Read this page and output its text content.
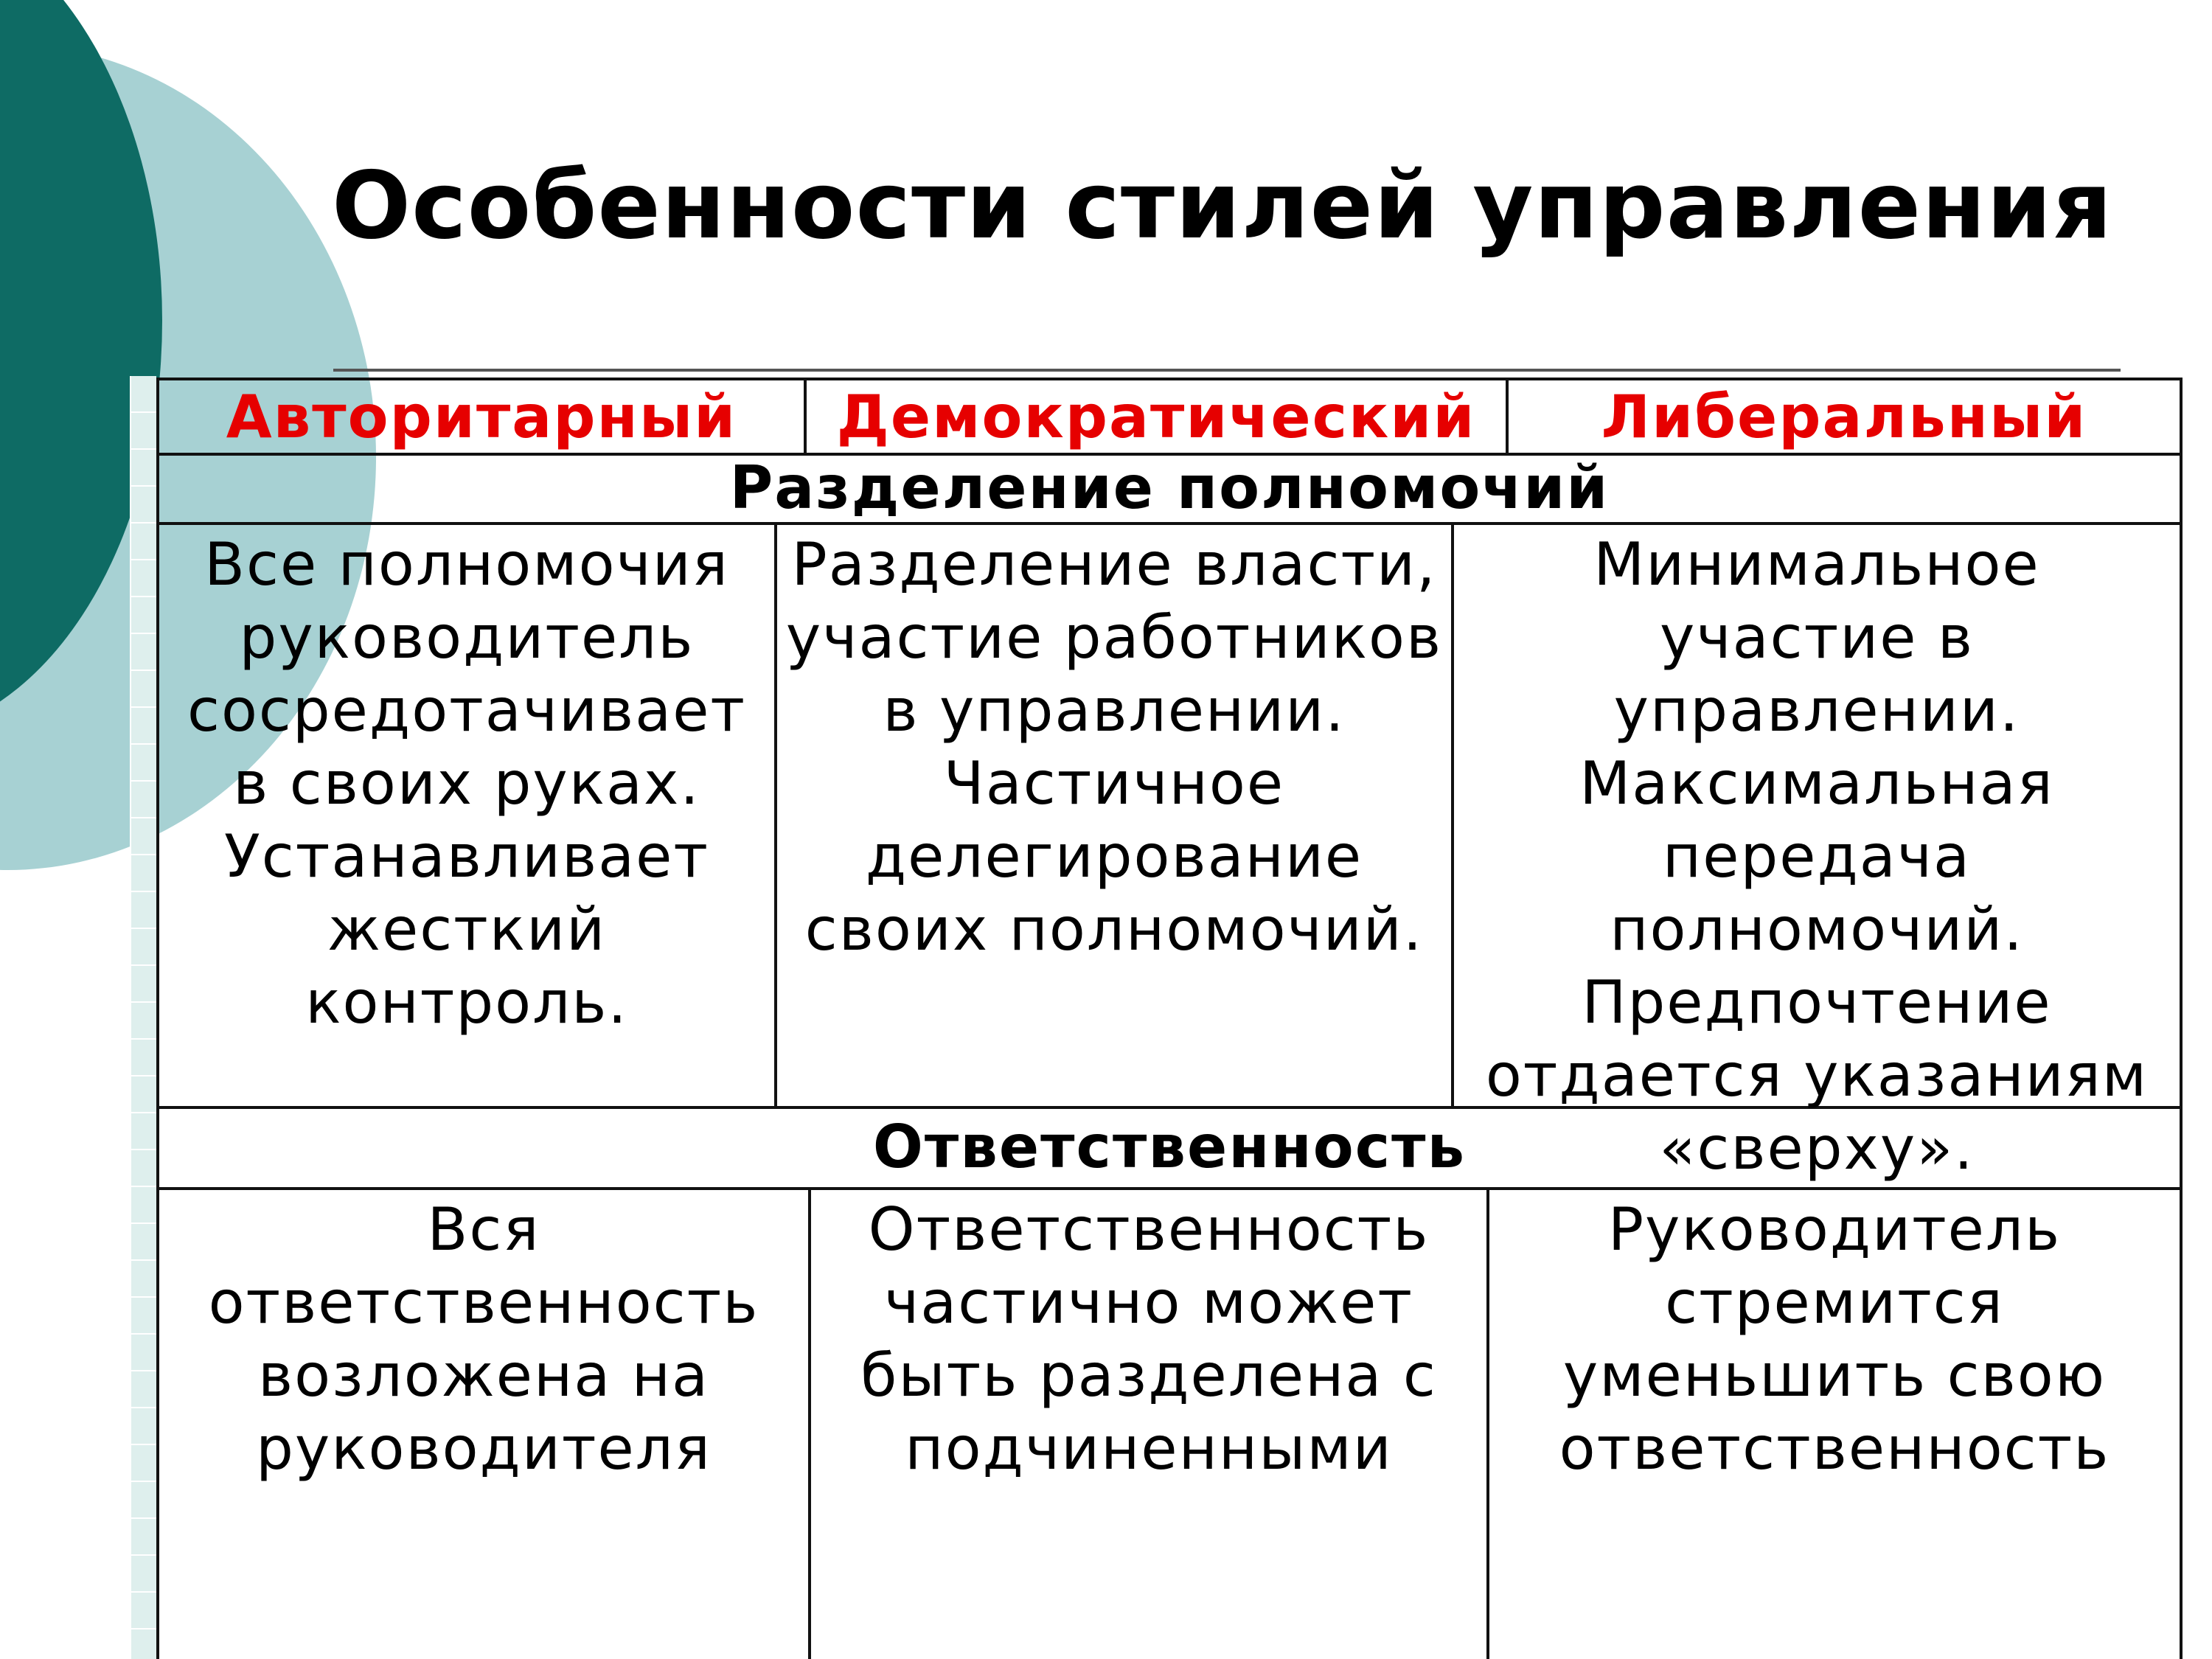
Особенности стилей управления
Авторитарный	Демократический	Либеральный
Разделение полномочий
Все полномочия руководитель сосредотачивает в своих руках. Устанавливает жесткий контроль.
Разделение власти, участие работников в управлении. Частичное делегирование своих полномочий.
Минимальное участие в управлении. Максимальная передача полномочий. Предпочтение отдается указаниям «сверху».
Ответственность
Вся ответственность возложена на руководителя
Ответственность частично может быть разделена с подчиненными
Руководитель стремится уменьшить свою ответственность
